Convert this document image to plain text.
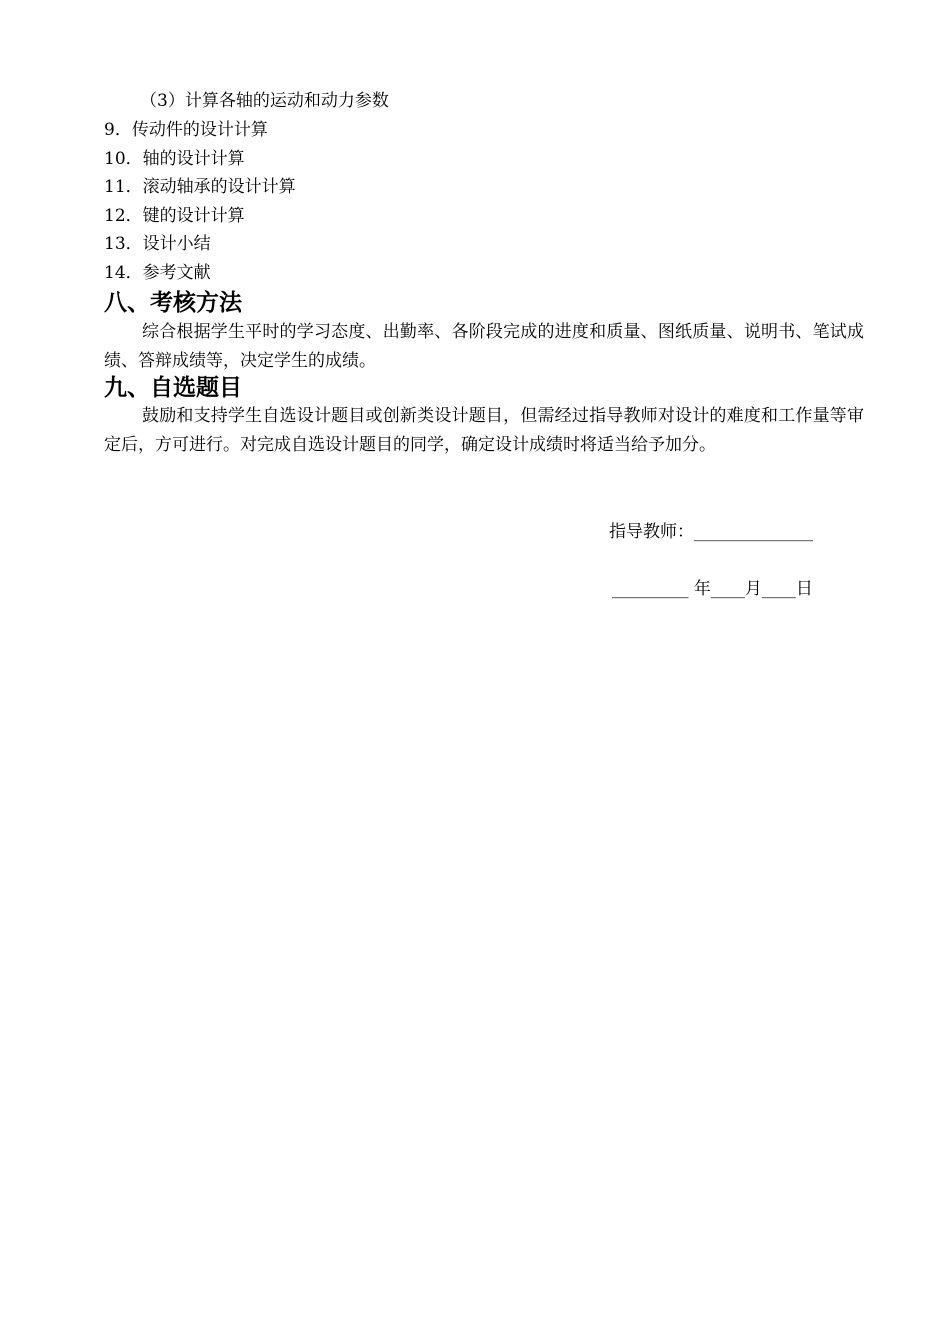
（3）计算各轴的运动和动力参数
9．传动件的设计计算
10．轴的设计计算
11．滚动轴承的设计计算
12．键的设计计算
13．设计小结
14．参考文献
八、考核方法
综合根据学生平时的学习态度、出勤率、各阶段完成的进度和质量、图纸质量、说明书、笔试成绩、答辩成绩等，决定学生的成绩。
九、自选题目
鼓励和支持学生自选设计题目或创新类设计题目，但需经过指导教师对设计的难度和工作量等审定后，方可进行。对完成自选设计题目的同学，确定设计成绩时将适当给予加分。
指导教师：______________
_________ 年____月____日
